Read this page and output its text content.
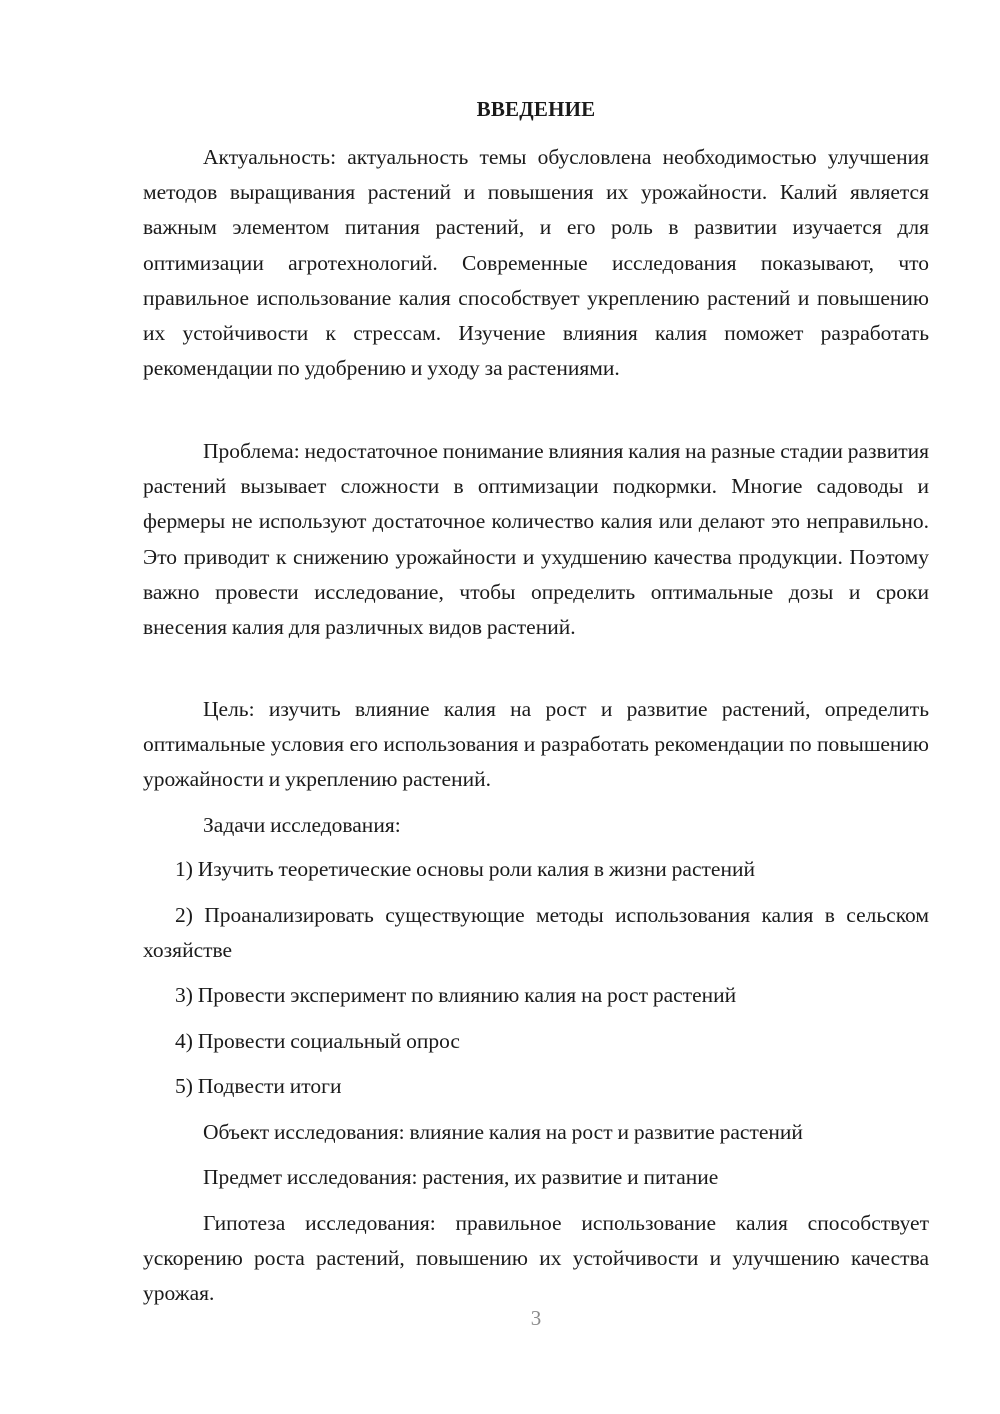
ВВЕДЕНИЕ

Актуальность: актуальность темы обусловлена необходимостью улучшения методов выращивания растений и повышения их урожайности. Калий является важным элементом питания растений, и его роль в развитии изучается для оптимизации агротехнологий. Современные исследования показывают, что правильное использование калия способствует укреплению растений и повышению их устойчивости к стрессам. Изучение влияния калия поможет разработать рекомендации по удобрению и уходу за растениями.

Проблема: недостаточное понимание влияния калия на разные стадии развития растений вызывает сложности в оптимизации подкормки. Многие садоводы и фермеры не используют достаточное количество калия или делают это неправильно. Это приводит к снижению урожайности и ухудшению качества продукции. Поэтому важно провести исследование, чтобы определить оптимальные дозы и сроки внесения калия для различных видов растений.

Цель: изучить влияние калия на рост и развитие растений, определить оптимальные условия его использования и разработать рекомендации по повышению урожайности и укреплению растений.

Задачи исследования:

1) Изучить теоретические основы роли калия в жизни растений

2) Проанализировать существующие методы использования калия в сельском хозяйстве

3) Провести эксперимент по влиянию калия на рост растений

4) Провести социальный опрос

5) Подвести итоги

Объект исследования: влияние калия на рост и развитие растений

Предмет исследования: растения, их развитие и питание

Гипотеза исследования: правильное использование калия способствует ускорению роста растений, повышению их устойчивости и улучшению качества урожая.

3
